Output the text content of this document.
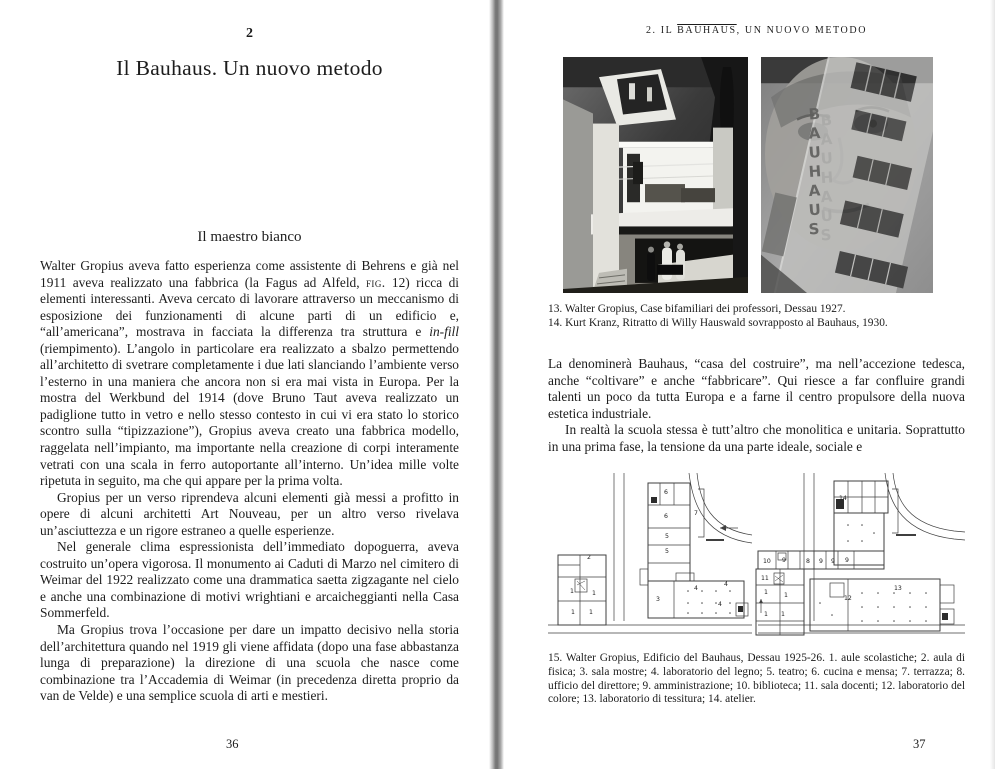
2
Il Bauhaus. Un nuovo metodo
Il maestro bianco

Walter Gropius aveva fatto esperienza come assistente di Behrens e già nel 1911 aveva realizzato una fabbrica (la Fagus ad Alfeld, fig. 12) ricca di elementi interessanti. Aveva cercato di lavorare attraverso un meccanismo di esposizione dei funzionamenti di alcune parti di un edificio e, “all’americana”, mostrava in facciata la differenza tra struttura e in-fill (riempimento). L’angolo in particolare era realizzato a sbalzo permettendo all’architetto di svetrare completamente i due lati slanciando l’ambiente verso l’esterno in una maniera che ancora non si era mai vista in Europa. Per la mostra del Werkbund del 1914 (dove Bruno Taut aveva realizzato un padiglione tutto in vetro e nello stesso contesto in cui vi era stato lo storico scontro sulla “tipizzazione”), Gropius aveva creato una fabbrica modello, raggelata nell’impianto, ma importante nella creazione di corpi interamente vetrati con una scala in ferro autoportante all’interno. Un’idea mille volte ripetuta in seguito, ma che qui appare per la prima volta.

Gropius per un verso riprendeva alcuni elementi già messi a profitto in opere di alcuni architetti Art Nouveau, per un altro verso rivelava un’asciuttezza e un rigore estraneo a quelle esperienze.

Nel generale clima espressionista dell’immediato dopoguerra, aveva costruito un’opera vigorosa. Il monumento ai Caduti di Marzo nel cimitero di Weimar del 1922 realizzato come una drammatica saetta zigzagante nel cielo e anche una combinazione di motivi wrightiani e arcaicheggianti nella Casa Sommerfeld.

Ma Gropius trova l’occasione per dare un impatto decisivo nella storia dell’architettura quando nel 1919 gli viene affidata (dopo una fase abbastanza lunga di preparazione) la direzione di una scuola che nasce come combinazione tra l’Accademia di Weimar (in precedenza diretta proprio da van de Velde) e una semplice scuola di arti e mestieri.

36
2. IL BAUHAUS, UN NUOVO METODO
B B
A A
U
U
H
H
A A
U
U
S S
13. Walter Gropius, Case bifamiliari dei professori, Dessau 1927.
14. Kurt Kranz, Ritratto di Willy Hauswald sovrapposto al Bauhaus, 1930.

La denominerà Bauhaus, “casa del costruire”, ma nell’accezione tedesca, anche “coltivare” e anche “fabbricare”. Qui riesce a far confluire grandi talenti un poco da tutta Europa e a farne il centro propulsore della nuova estetica industriale.

In realtà la scuola stessa è tutt’altro che monolitica e unitaria. Soprattutto in una prima fase, la tensione da una parte ideale, sociale e

2
1	1
1 1
6
6
5
5
7
3
4
4
4
14
10 9	8 9 9 9
11
1	1
1 1
12
13
15. Walter Gropius, Edificio del Bauhaus, Dessau 1925-26. 1. aule scolastiche; 2. aula di fisica; 3. sala mostre; 4. laboratorio del legno; 5. teatro; 6. cucina e mensa; 7. terrazza; 8. ufficio del direttore; 9. amministrazione; 10. biblioteca; 11. sala docenti; 12. laboratorio del colore; 13. laboratorio di tessitura; 14. atelier.
37
